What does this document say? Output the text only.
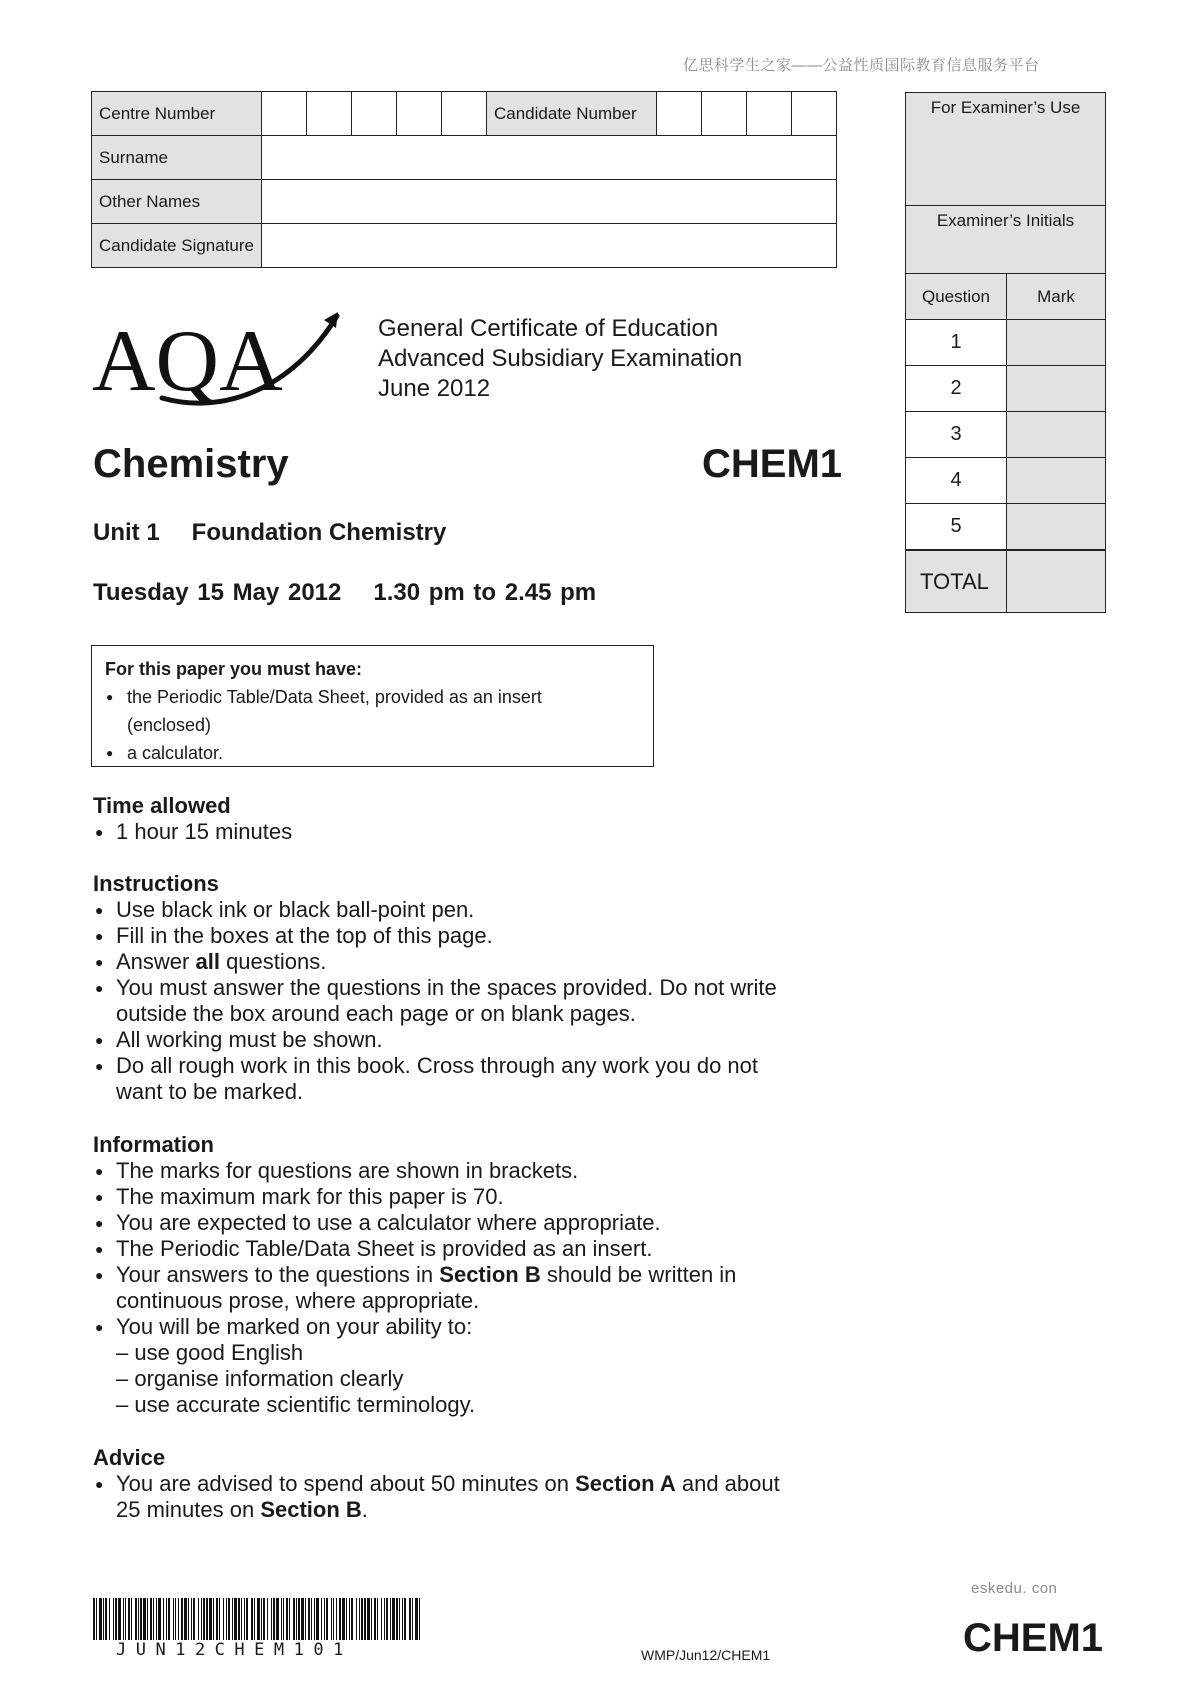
亿思科学生之家——公益性质国际教育信息服务平台
Centre Number						Candidate Number				
Surname										
Other Names										
Candidate Signature										
For Examiner’s Use
Examiner’s Initials
Question	Mark
1	
2	
3	
4	
5	
TOTAL	
AQA	General Certificate of Education
Advanced Subsidiary Examination
June 2012
Chemistry	CHEM1
Unit 1 Foundation Chemistry
Tuesday 15 May 2012 1.30 pm to 2.45 pm
For this paper you must have:
● the Periodic Table/Data Sheet, provided as an insert
(enclosed)
● a calculator.
Time allowed
● 1 hour 15 minutes
Instructions
● Use black ink or black ball-point pen.
● Fill in the boxes at the top of this page.
● Answer all questions.
● You must answer the questions in the spaces provided. Do not write
outside the box around each page or on blank pages.
● All working must be shown.
● Do all rough work in this book. Cross through any work you do not
want to be marked.
Information
● The marks for questions are shown in brackets.
● The maximum mark for this paper is 70.
● You are expected to use a calculator where appropriate.
● The Periodic Table/Data Sheet is provided as an insert.
● Your answers to the questions in Section B should be written in
continuous prose, where appropriate.
● You will be marked on your ability to:
– use good English
– organise information clearly
– use accurate scientific terminology.
Advice
● You are advised to spend about 50 minutes on Section A and about
25 minutes on Section B.
eskedu. con
JUN12CHEM101	WMP/Jun12/CHEM1	CHEM1
